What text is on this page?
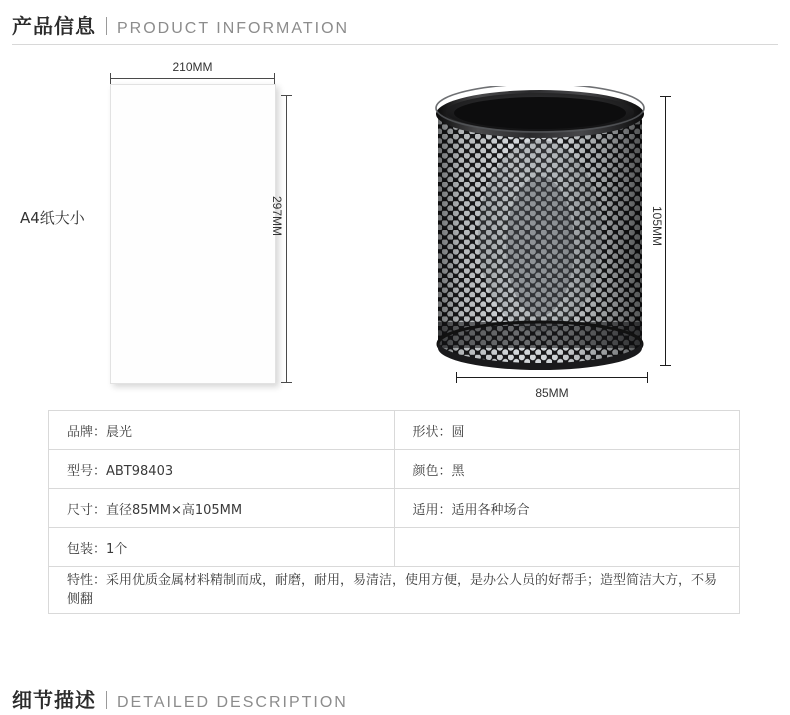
产品信息 PRODUCT INFORMATION
A4纸大小
210MM
297MM	105MM
85MM
品牌：晨光	形状：圆
型号：ABT98403	颜色：黑
尺寸：直径85MM×高105MM	适用：适用各种场合
包装：1个	
特性：采用优质金属材料精制而成，耐磨，耐用，易清洁，使用方便，是办公人员的好帮手；造型简洁大方，不易侧翻	
细节描述 DETAILED DESCRIPTION
